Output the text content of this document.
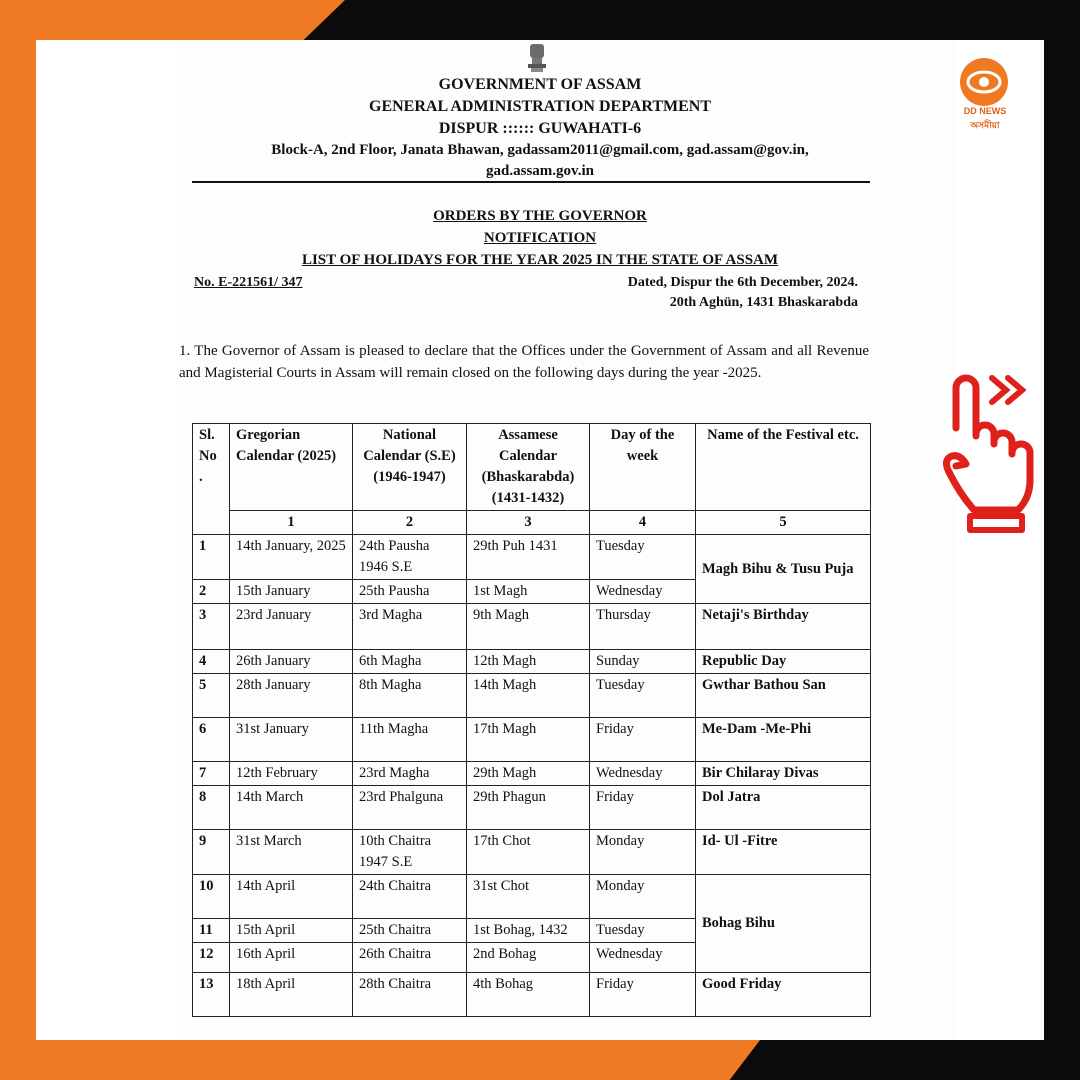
GOVERNMENT OF ASSAM
GENERAL ADMINISTRATION DEPARTMENT
DISPUR :::::: GUWAHATI-6
Block-A, 2nd Floor, Janata Bhawan, gadassam2011@gmail.com, gad.assam@gov.in,
gad.assam.gov.in
ORDERS BY THE GOVERNOR
NOTIFICATION
LIST OF HOLIDAYS FOR THE YEAR 2025 IN THE STATE OF ASSAM
No. E-221561/ 347	Dated, Dispur the 6th December, 2024.
20th Aghün, 1431 Bhaskarabda
1. The Governor of Assam is pleased to declare that the Offices under the Government of Assam and all Revenue and Magisterial Courts in Assam will remain closed on the following days during the year -2025.
Sl. No .	Gregorian Calendar (2025)	National Calendar (S.E) (1946-1947)	Assamese Calendar (Bhaskarabda) (1431-1432)	Day of the week	Name of the Festival etc.
	1	2	3	4	5
1	14th January, 2025	24th Pausha 1946 S.E	29th Puh 1431	Tuesday	Magh Bihu & Tusu Puja
2	15th January	25th Pausha	1st Magh	Wednesday	
3	23rd January	3rd Magha	9th Magh	Thursday	Netaji's Birthday
4	26th January	6th Magha	12th Magh	Sunday	Republic Day
5	28th January	8th Magha	14th Magh	Tuesday	Gwthar Bathou San
6	31st January	11th Magha	17th Magh	Friday	Me-Dam -Me-Phi
7	12th February	23rd Magha	29th Magh	Wednesday	Bir Chilaray Divas
8	14th March	23rd Phalguna	29th Phagun	Friday	Dol Jatra
9	31st March	10th Chaitra 1947 S.E	17th Chot	Monday	Id- Ul -Fitre
10	14th April	24th Chaitra	31st Chot	Monday	Bohag Bihu
11	15th April	25th Chaitra	1st Bohag, 1432	Tuesday	
12	16th April	26th Chaitra	2nd Bohag	Wednesday	
13	18th April	28th Chaitra	4th Bohag	Friday	Good Friday
DD NEWS
অসমীয়া
